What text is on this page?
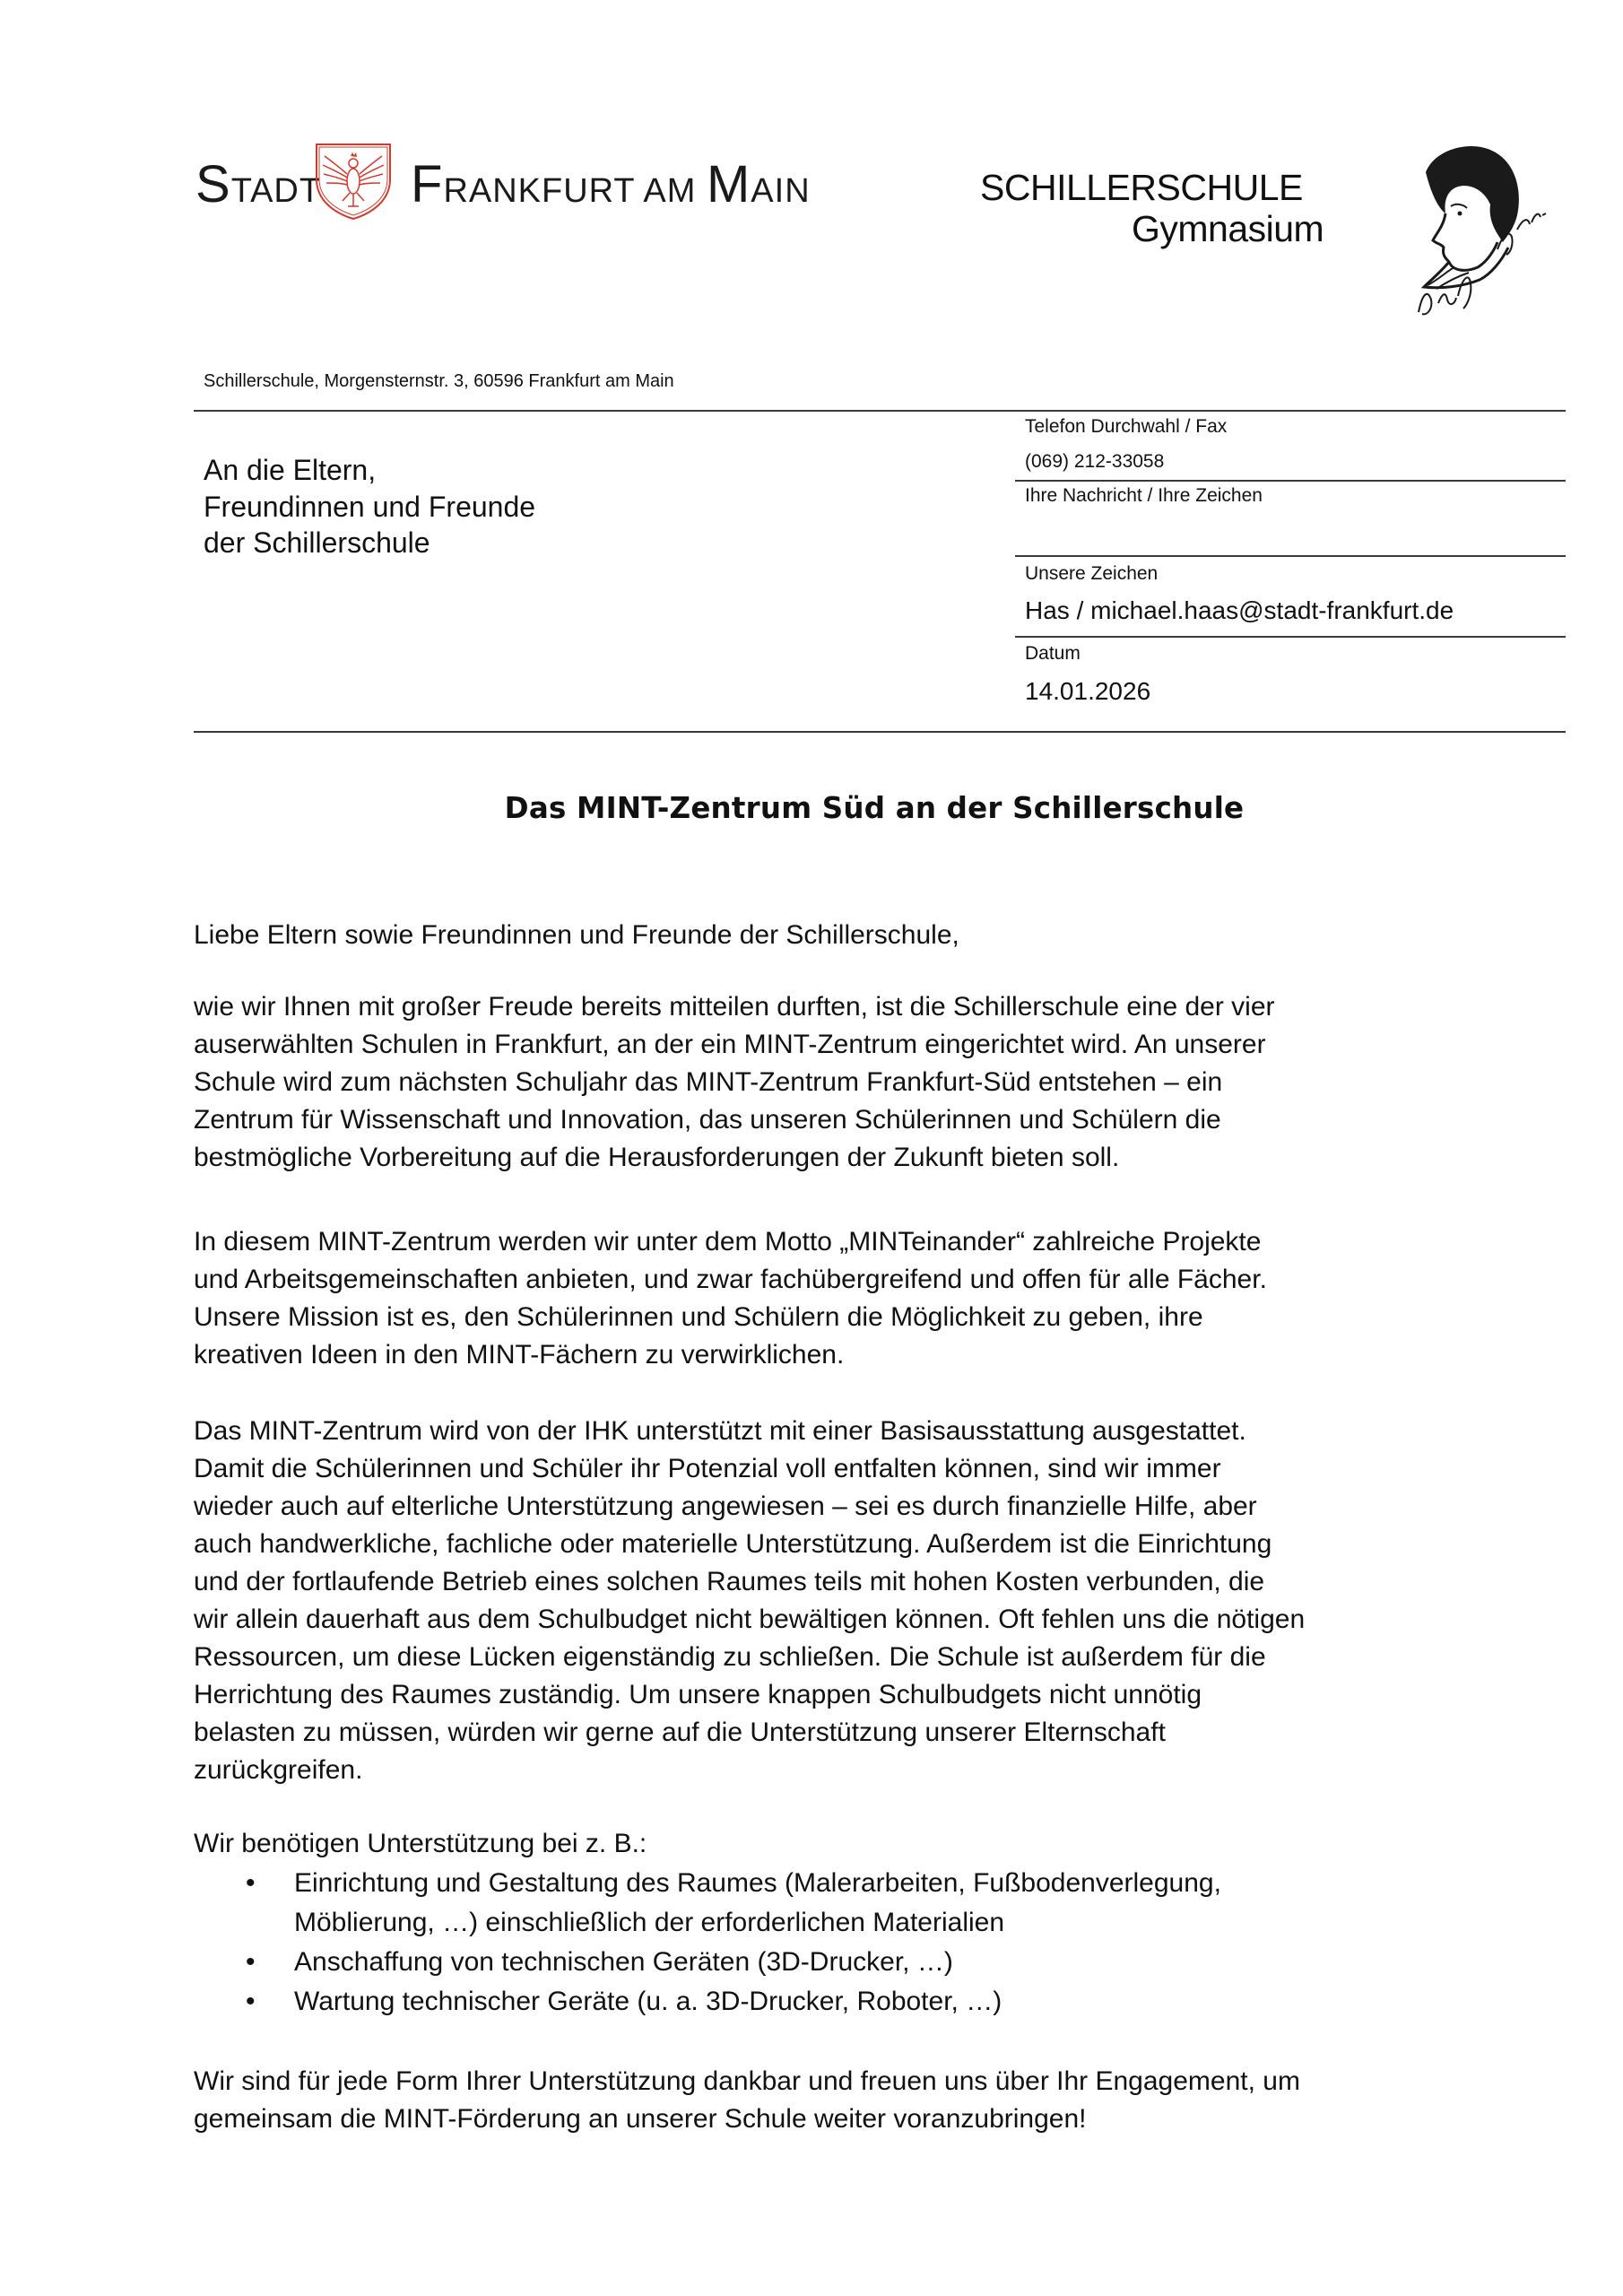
STADT FRANKFURT AM MAIN	SCHILLERSCHULE
Gymnasium
Schillerschule, Morgensternstr. 3, 60596 Frankfurt am Main
An die Eltern,
Freundinnen und Freunde
der Schillerschule
Telefon Durchwahl / Fax
(069) 212-33058
Ihre Nachricht / Ihre Zeichen
Unsere Zeichen
Has / michael.haas@stadt-frankfurt.de
Datum
14.01.2026
Das MINT-Zentrum Süd an der Schillerschule
Liebe Eltern sowie Freundinnen und Freunde der Schillerschule,
wie wir Ihnen mit großer Freude bereits mitteilen durften, ist die Schillerschule eine der vier
auserwählten Schulen in Frankfurt, an der ein MINT-Zentrum eingerichtet wird. An unserer
Schule wird zum nächsten Schuljahr das MINT-Zentrum Frankfurt-Süd entstehen – ein
Zentrum für Wissenschaft und Innovation, das unseren Schülerinnen und Schülern die
bestmögliche Vorbereitung auf die Herausforderungen der Zukunft bieten soll.
In diesem MINT-Zentrum werden wir unter dem Motto „MINTeinander“ zahlreiche Projekte
und Arbeitsgemeinschaften anbieten, und zwar fachübergreifend und offen für alle Fächer.
Unsere Mission ist es, den Schülerinnen und Schülern die Möglichkeit zu geben, ihre
kreativen Ideen in den MINT-Fächern zu verwirklichen.
Das MINT-Zentrum wird von der IHK unterstützt mit einer Basisausstattung ausgestattet.
Damit die Schülerinnen und Schüler ihr Potenzial voll entfalten können, sind wir immer
wieder auch auf elterliche Unterstützung angewiesen – sei es durch finanzielle Hilfe, aber
auch handwerkliche, fachliche oder materielle Unterstützung. Außerdem ist die Einrichtung
und der fortlaufende Betrieb eines solchen Raumes teils mit hohen Kosten verbunden, die
wir allein dauerhaft aus dem Schulbudget nicht bewältigen können. Oft fehlen uns die nötigen
Ressourcen, um diese Lücken eigenständig zu schließen. Die Schule ist außerdem für die
Herrichtung des Raumes zuständig. Um unsere knappen Schulbudgets nicht unnötig
belasten zu müssen, würden wir gerne auf die Unterstützung unserer Elternschaft
zurückgreifen.
Wir benötigen Unterstützung bei z. B.:
• Einrichtung und Gestaltung des Raumes (Malerarbeiten, Fußbodenverlegung,
Möblierung, …) einschließlich der erforderlichen Materialien
• Anschaffung von technischen Geräten (3D-Drucker, …)
• Wartung technischer Geräte (u. a. 3D-Drucker, Roboter, …)
Wir sind für jede Form Ihrer Unterstützung dankbar und freuen uns über Ihr Engagement, um
gemeinsam die MINT-Förderung an unserer Schule weiter voranzubringen!
